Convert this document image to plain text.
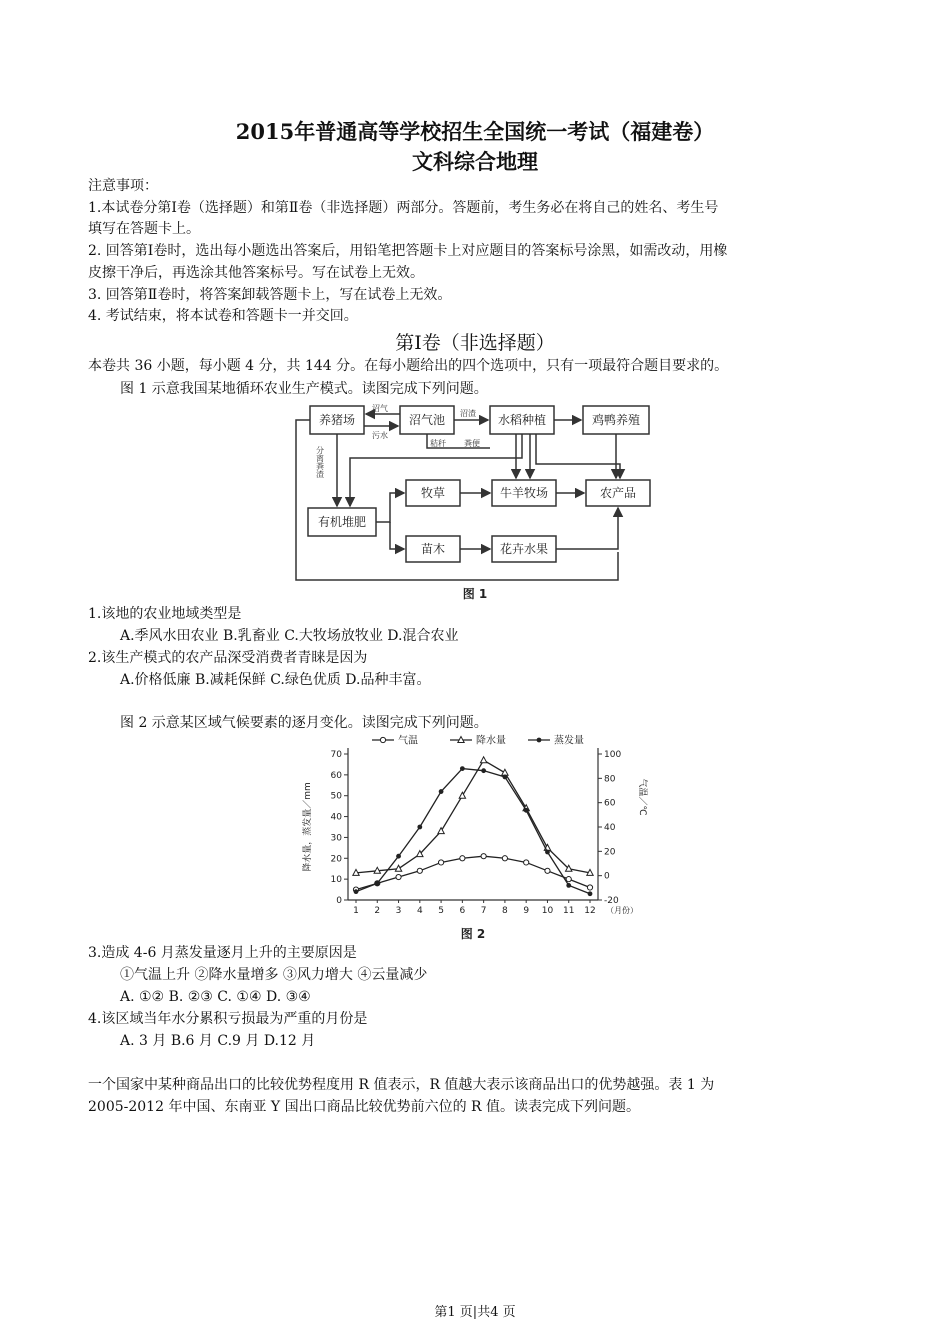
2015年普通高等学校招生全国统一考试（福建卷）
文科综合地理
注意事项：
1.本试卷分第Ⅰ卷（选择题）和第Ⅱ卷（非选择题）两部分。答题前，考生务必在将自己的姓名、考生号
填写在答题卡上。
2. 回答第Ⅰ卷时，选出每小题选出答案后，用铅笔把答题卡上对应题目的答案标号涂黑，如需改动，用橡
皮擦干净后，再选涂其他答案标号。写在试卷上无效。
3. 回答第Ⅱ卷时，将答案卸载答题卡上，写在试卷上无效。
4. 考试结束，将本试卷和答题卡一并交回。
第Ⅰ卷（非选择题）
本卷共 36 小题，每小题 4 分，共 144 分。在每小题给出的四个选项中，只有一项最符合题目要求的。
图 1 示意我国某地循环农业生产模式。读图完成下列问题。
养猪场	沼气池	水稻种植	鸡鸭养殖
牧草	牛羊牧场	农产品
有机堆肥
苗木	花卉水果
沼气
污水
沼渣
秸秆 粪便
分离粪渣
图 1
1.该地的农业地域类型是
A.季风水田农业 B.乳畜业 C.大牧场放牧业 D.混合农业
2.该生产模式的农产品深受消费者青睐是因为
A.价格低廉 B.减耗保鲜 C.绿色优质 D.品种丰富。
图 2 示意某区域气候要素的逐月变化。读图完成下列问题。
0
10
20
30
40
50
60
70
-20
0
20
40
60
80
100
1 2 3 4 5 6 7 8 9 10 11 12 （月份）
降水量，蒸发量／mm	气温／℃
气温	降水量	蒸发量
图 2
3.造成 4-6 月蒸发量逐月上升的主要原因是
①气温上升 ②降水量增多 ③风力增大 ④云量减少
A. ①② B. ②③ C. ①④ D. ③④
4.该区域当年水分累积亏损最为严重的月份是
A. 3 月 B.6 月 C.9 月 D.12 月
一个国家中某种商品出口的比较优势程度用 R 值表示，R 值越大表示该商品出口的优势越强。表 1 为
2005-2012 年中国、东南亚 Y 国出口商品比较优势前六位的 R 值。读表完成下列问题。
第1 页|共4 页
